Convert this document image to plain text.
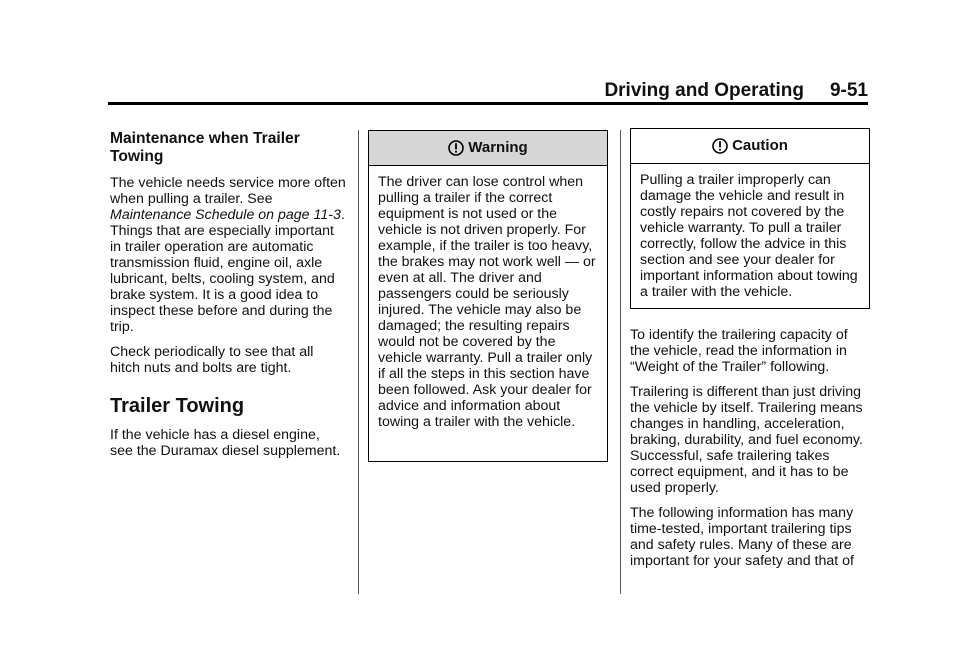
Driving and Operating 9-51
Maintenance when Trailer Towing

The vehicle needs service more often when pulling a trailer. See Maintenance Schedule on page 11-3. Things that are especially important in trailer operation are automatic transmission fluid, engine oil, axle lubricant, belts, cooling system, and brake system. It is a good idea to inspect these before and during the trip.

Check periodically to see that all hitch nuts and bolts are tight.

Trailer Towing

If the vehicle has a diesel engine, see the Duramax diesel supplement.

Warning
The driver can lose control when pulling a trailer if the correct equipment is not used or the vehicle is not driven properly. For example, if the trailer is too heavy, the brakes may not work well — or even at all. The driver and passengers could be seriously injured. The vehicle may also be damaged; the resulting repairs would not be covered by the vehicle warranty. Pull a trailer only if all the steps in this section have been followed. Ask your dealer for advice and information about towing a trailer with the vehicle.
Caution
Pulling a trailer improperly can damage the vehicle and result in costly repairs not covered by the vehicle warranty. To pull a trailer correctly, follow the advice in this section and see your dealer for important information about towing a trailer with the vehicle.

To identify the trailering capacity of the vehicle, read the information in “Weight of the Trailer” following.

Trailering is different than just driving the vehicle by itself. Trailering means changes in handling, acceleration, braking, durability, and fuel economy. Successful, safe trailering takes correct equipment, and it has to be used properly.

The following information has many time-tested, important trailering tips and safety rules. Many of these are important for your safety and that of
